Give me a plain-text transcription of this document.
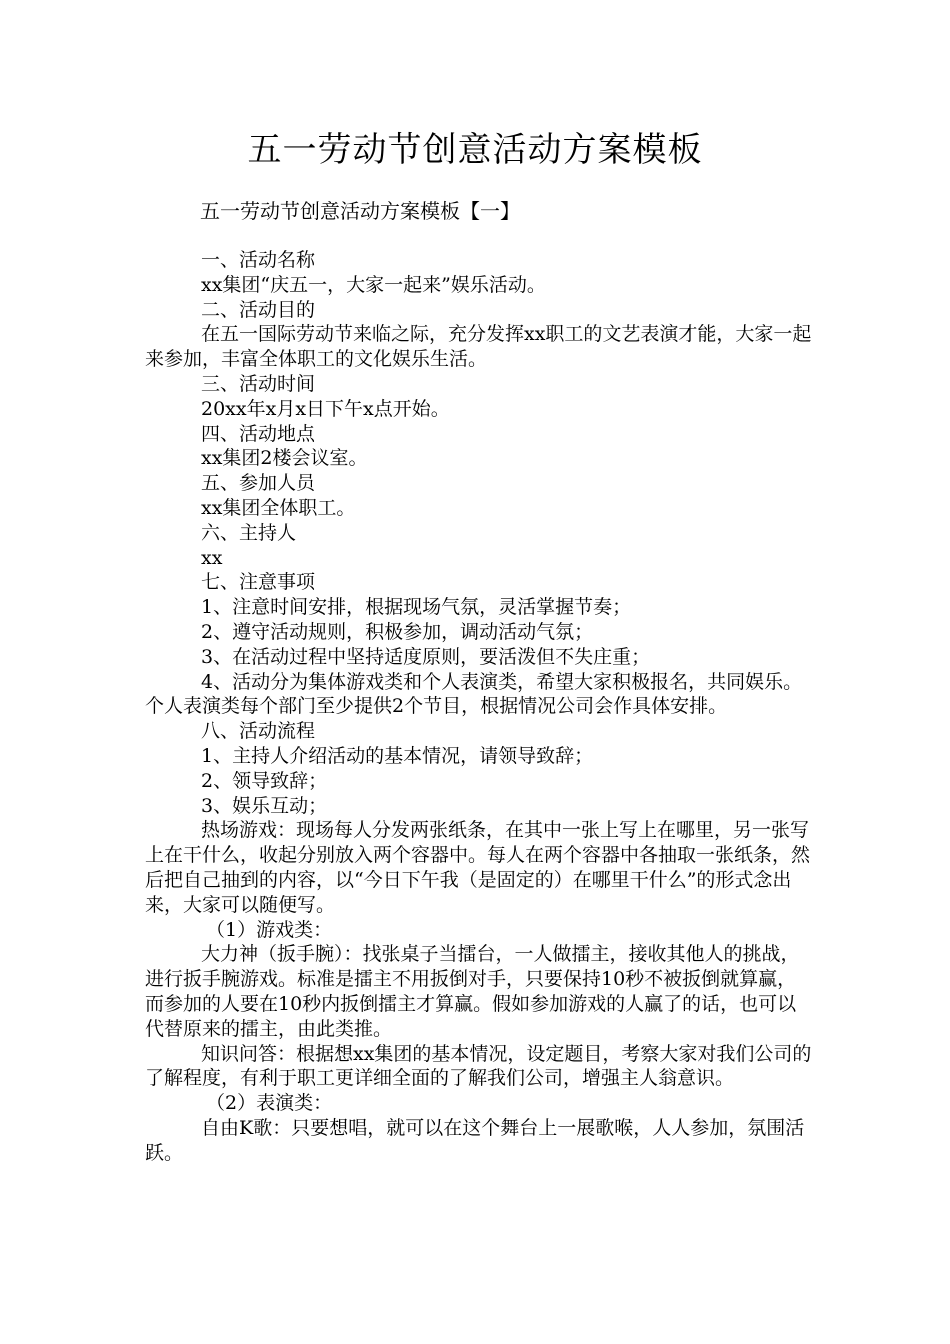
五一劳动节创意活动方案模板
五一劳动节创意活动方案模板【一】

一、活动名称

xx集团“庆五一，大家一起来”娱乐活动。

二、活动目的

在五一国际劳动节来临之际，充分发挥xx职工的文艺表演才能，大家一起来参加，丰富全体职工的文化娱乐生活。

三、活动时间

20xx年x月x日下午x点开始。

四、活动地点

xx集团2楼会议室。

五、参加人员

xx集团全体职工。

六、主持人

xx

七、注意事项

1、注意时间安排，根据现场气氛，灵活掌握节奏；

2、遵守活动规则，积极参加，调动活动气氛；

3、在活动过程中坚持适度原则，要活泼但不失庄重；

4、活动分为集体游戏类和个人表演类，希望大家积极报名，共同娱乐。个人表演类每个部门至少提供2个节目，根据情况公司会作具体安排。

八、活动流程

1、主持人介绍活动的基本情况，请领导致辞；

2、领导致辞；

3、娱乐互动；

热场游戏：现场每人分发两张纸条，在其中一张上写上在哪里，另一张写上在干什么，收起分别放入两个容器中。每人在两个容器中各抽取一张纸条，然后把自己抽到的内容，以“今日下午我（是固定的）在哪里干什么”的形式念出来，大家可以随便写。

（1）游戏类：

大力神（扳手腕）：找张桌子当擂台，一人做擂主，接收其他人的挑战，进行扳手腕游戏。标准是擂主不用扳倒对手，只要保持10秒不被扳倒就算赢，而参加的人要在10秒内扳倒擂主才算赢。假如参加游戏的人赢了的话，也可以代替原来的擂主，由此类推。

知识问答：根据想xx集团的基本情况，设定题目，考察大家对我们公司的了解程度，有利于职工更详细全面的了解我们公司，增强主人翁意识。

（2）表演类：

自由K歌：只要想唱，就可以在这个舞台上一展歌喉，人人参加，氛围活跃。
